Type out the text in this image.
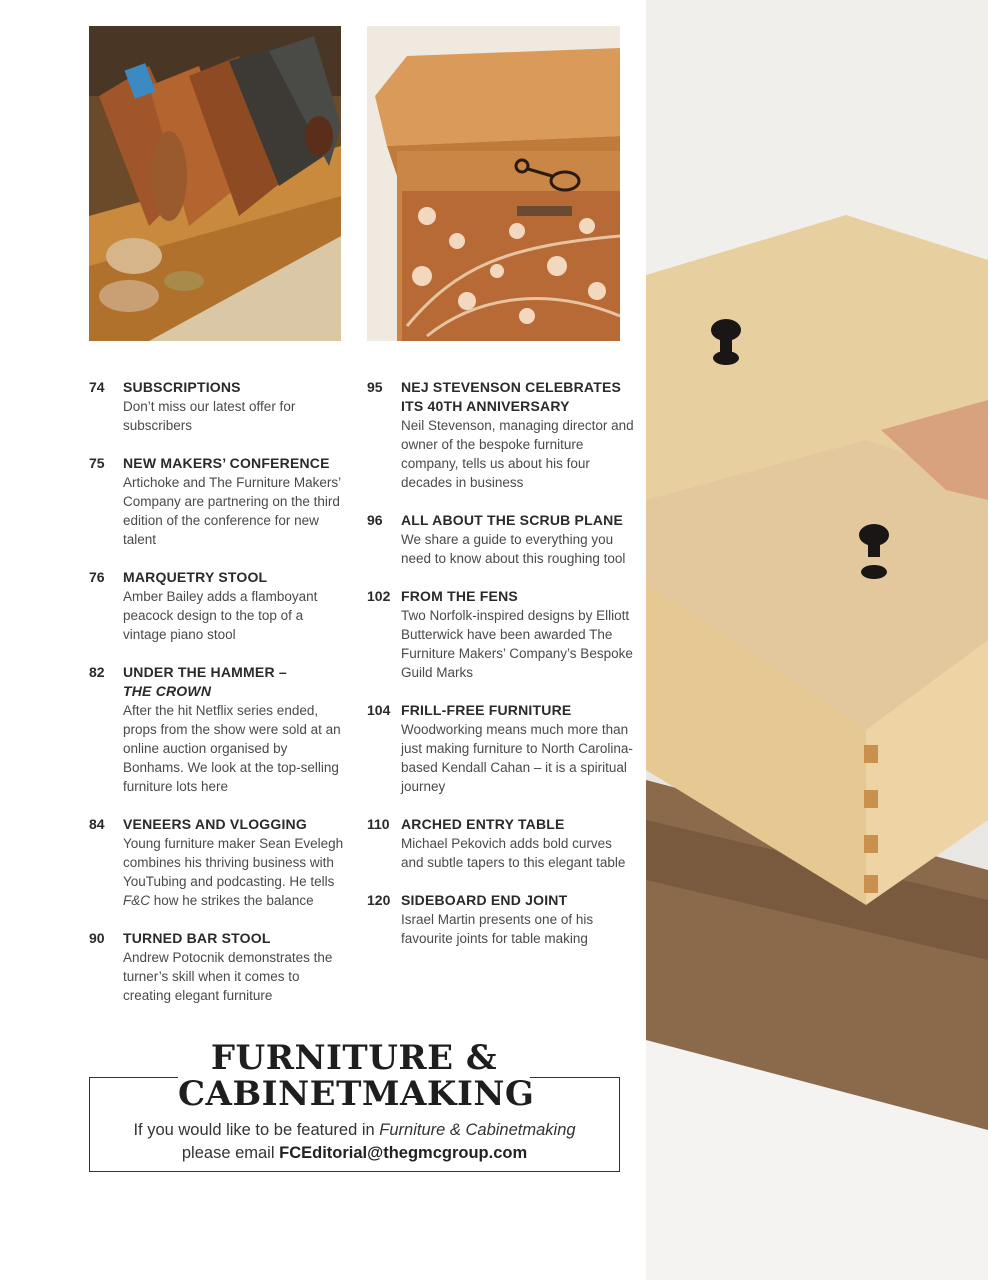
74	SUBSCRIPTIONS
Don’t miss our latest offer for subscribers
75	NEW MAKERS’ CONFERENCE
Artichoke and The Furniture Makers’ Company are partnering on the third edition of the conference for new talent
76	MARQUETRY STOOL
Amber Bailey adds a flamboyant peacock design to the top of a vintage piano stool
82	UNDER THE HAMMER –
THE CROWN
After the hit Netflix series ended, props from the show were sold at an online auction organised by Bonhams. We look at the top-selling furniture lots here
84	VENEERS AND VLOGGING
Young furniture maker Sean Evelegh combines his thriving business with YouTubing and podcasting. He tells F&C how he strikes the balance
90	TURNED BAR STOOL
Andrew Potocnik demonstrates the turner’s skill when it comes to creating elegant furniture
95	NEJ STEVENSON CELEBRATES ITS 40TH ANNIVERSARY
Neil Stevenson, managing director and owner of the bespoke furniture company, tells us about his four decades in business
96	ALL ABOUT THE SCRUB PLANE
We share a guide to everything you need to know about this roughing tool
102 FROM THE FENS
Two Norfolk-inspired designs by Elliott Butterwick have been awarded The Furniture Makers’ Company’s Bespoke Guild Marks
104 FRILL-FREE FURNITURE
Woodworking means much more than just making furniture to North Carolina-based Kendall Cahan – it is a spiritual journey
110 ARCHED ENTRY TABLE
Michael Pekovich adds bold curves and subtle tapers to this elegant table
120 SIDEBOARD END JOINT
Israel Martin presents one of his favourite joints for table making
FURNITURE &
CABINETMAKING
If you would like to be featured in Furniture & Cabinetmaking
please email FCEditorial@thegmcgroup.com
